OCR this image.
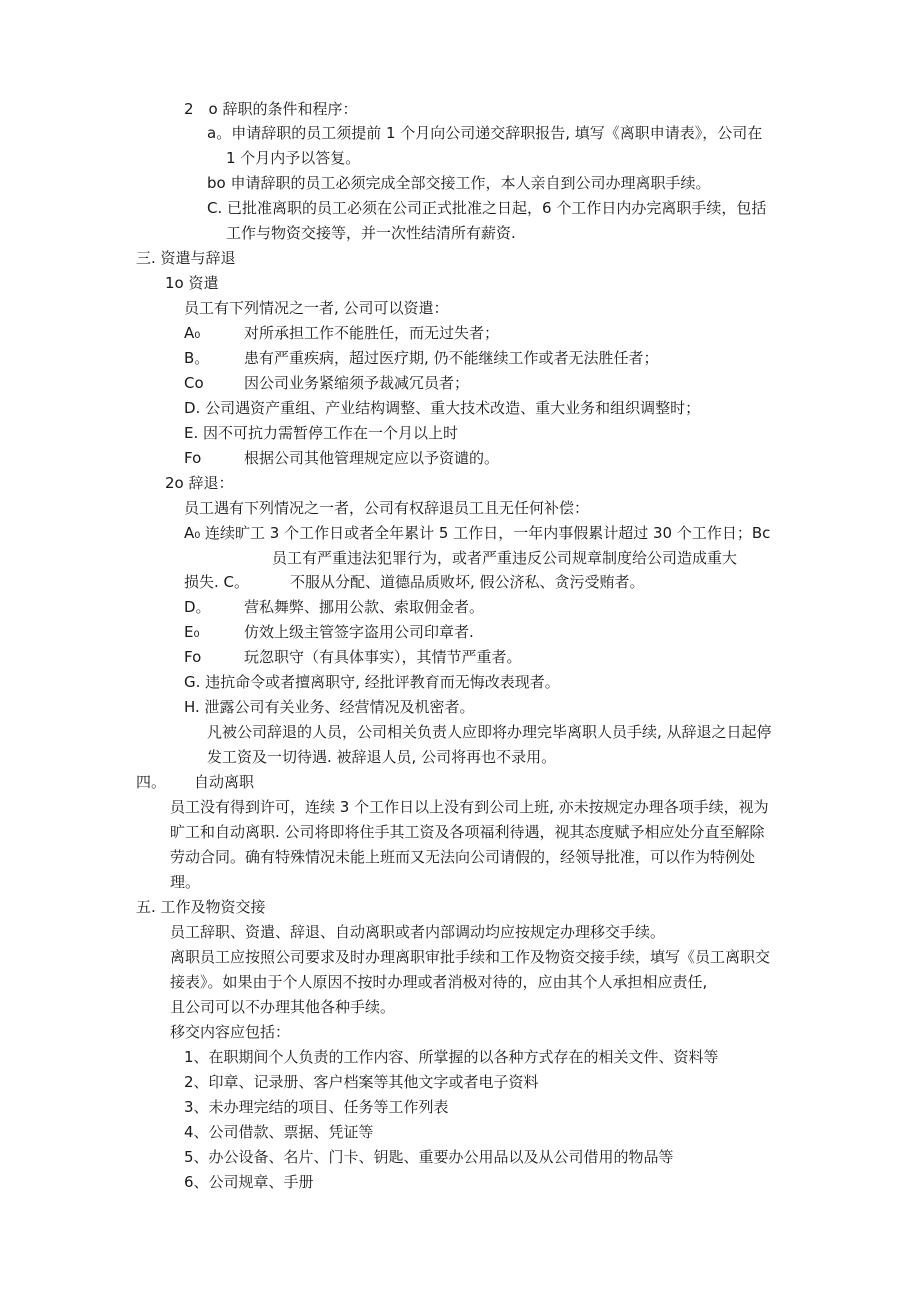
2　o 辞职的条件和程序：
a。申请辞职的员工须提前 1 个月向公司递交辞职报告, 填写《离职申请表》，公司在
1 个月内予以答复。
bo 申请辞职的员工必须完成全部交接工作，本人亲自到公司办理离职手续。
C. 已批准离职的员工必须在公司正式批准之日起，6 个工作日内办完离职手续，包括
工作与物资交接等，并一次性结清所有薪资.
三. 资遣与辞退
1o 资遣
员工有下列情况之一者, 公司可以资遣：
A₀	对所承担工作不能胜任，而无过失者；
B。 患有严重疾病，超过医疗期, 仍不能继续工作或者无法胜任者；
Co	因公司业务紧缩须予裁减冗员者；
D. 公司遇资产重组、产业结构调整、重大技术改造、重大业务和组织调整时；
E. 因不可抗力需暂停工作在一个月以上时
Fo	根据公司其他管理规定应以予资谴的。
2o 辞退：
员工遇有下列情况之一者，公司有权辞退员工且无任何补偿：
A₀ 连续旷工 3 个工作日或者全年累计 5 工作日，一年内事假累计超过 30 个工作日；Bc
员工有严重违法犯罪行为，或者严重违反公司规章制度给公司造成重大
损失. C。	不服从分配、道德品质败坏, 假公济私、贪污受贿者。
D。 营私舞弊、挪用公款、索取佣金者。
E₀	仿效上级主管签字盗用公司印章者.
Fo	玩忽职守（有具体事实），其情节严重者。
G. 违抗命令或者擅离职守, 经批评教育而无悔改表现者。
H. 泄露公司有关业务、经营情况及机密者。
凡被公司辞退的人员，公司相关负责人应即将办理完毕离职人员手续, 从辞退之日起停
发工资及一切待遇. 被辞退人员, 公司将再也不录用。
四。 自动离职
员工没有得到许可，连续 3 个工作日以上没有到公司上班, 亦未按规定办理各项手续，视为
旷工和自动离职. 公司将即将住手其工资及各项福利待遇，视其态度赋予相应处分直至解除
劳动合同。确有特殊情况未能上班而又无法向公司请假的，经领导批准，可以作为特例处
理。
五. 工作及物资交接
员工辞职、资遣、辞退、自动离职或者内部调动均应按规定办理移交手续。
离职员工应按照公司要求及时办理离职审批手续和工作及物资交接手续，填写《员工离职交
接表》。如果由于个人原因不按时办理或者消极对待的，应由其个人承担相应责任,
且公司可以不办理其他各种手续。
移交内容应包括：
1、在职期间个人负责的工作内容、所掌握的以各种方式存在的相关文件、资料等
2、印章、记录册、客户档案等其他文字或者电子资料
3、未办理完结的项目、任务等工作列表
4、公司借款、票据、凭证等
5、办公设备、名片、门卡、钥匙、重要办公用品以及从公司借用的物品等
6、公司规章、手册
